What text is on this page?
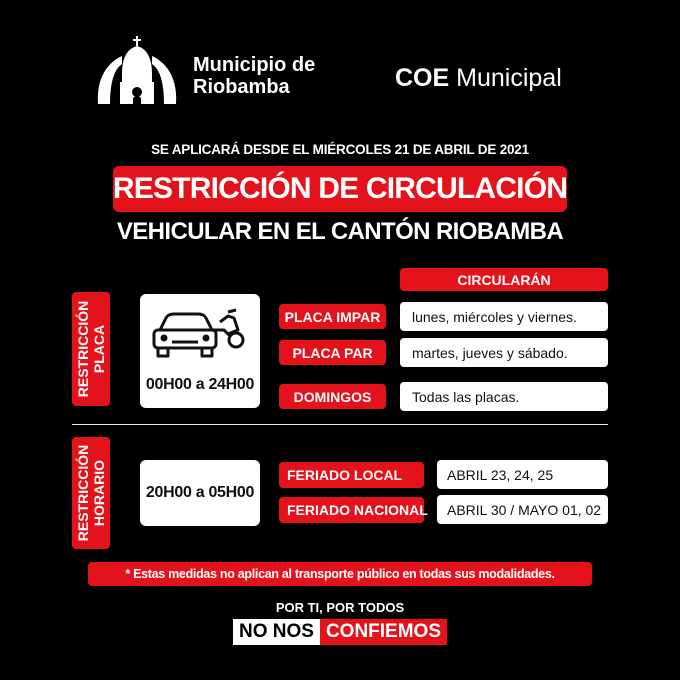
Municipio de
Riobamba	COE Municipal
SE APLICARÁ DESDE EL MIÉRCOLES 21 DE ABRIL DE 2021
RESTRICCIÓN DE CIRCULACIÓN
VEHICULAR EN EL CANTÓN RIOBAMBA
RESTRICCIÓN PLACA
00H00 a 24H00
CIRCULARÁN
PLACA IMPAR lunes, miércoles y viernes.
PLACA PAR	martes, jueves y sábado.
DOMINGOS	Todas las placas.
RESTRICCIÓN HORARIO 20H00 a 05H00
FERIADO LOCAL	ABRIL 23, 24, 25
FERIADO NACIONAL ABRIL 30 / MAYO 01, 02
* Estas medidas no aplican al transporte público en todas sus modalidades.
POR TI, POR TODOS
NO NOS CONFIEMOS
